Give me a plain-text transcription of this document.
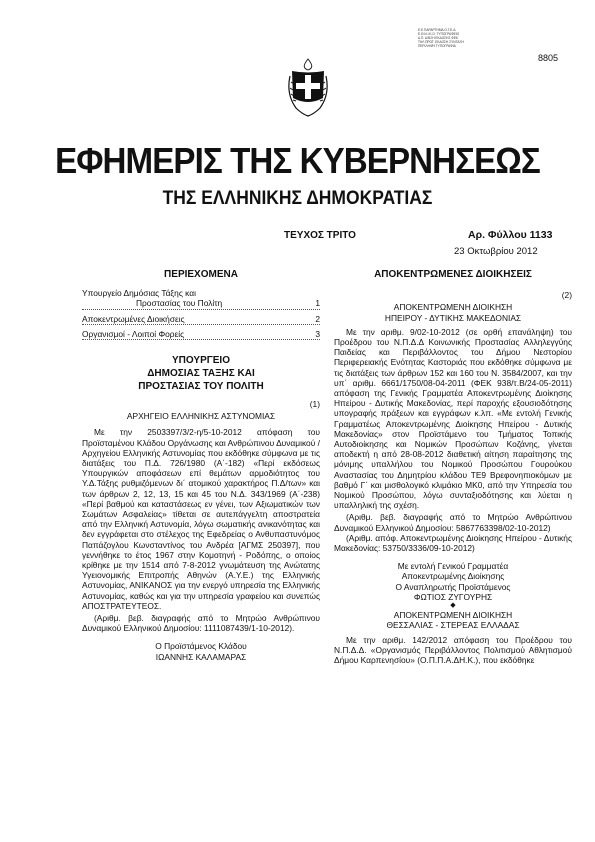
Ε.Ε.ΠΑΡΑΡΤΗΜΑ Ο.Τ.Ε.Α. Ε.Θ.Ν.Ι.Κ.Ο. ΤΥΠΟΓΡΑΦΕΙΟ Δ.Π. Δ/ΝΣΗ ΕΚΔΟΣΗΣ ΦΕΚ ΤΗΛ ΠΡΩΤ. ΕΚΔΟΣΗ ΣΥΝΤΑΞΗ ΠΕΡΙΛΗΨΗ ΤΥΠΟΓΡΑΦΙΑ
8805
ΕΦΗΜΕΡΙΣ ΤΗΣ ΚΥΒΕΡΝΗΣΕΩΣ
ΤΗΣ ΕΛΛΗΝΙΚΗΣ ΔΗΜΟΚΡΑΤΙΑΣ
ΤΕΥΧΟΣ ΤΡΙΤΟ	Αρ. Φύλλου 1133
23 Οκτωβρίου 2012
ΠΕΡΙΕΧΟΜΕΝΑ
Υπουργείο Δημόσιας Τάξης και
Προστασίας του Πολίτη	1
Αποκεντρωμένες Διοικήσεις	2
Οργανισμοί - Λοιποί Φορείς	3
ΥΠΟΥΡΓΕΙΟ
ΔΗΜΟΣΙΑΣ ΤΑΞΗΣ ΚΑΙ
ΠΡΟΣΤΑΣΙΑΣ ΤΟΥ ΠΟΛΙΤΗ
(1)
ΑΡΧΗΓΕΙΟ ΕΛΛΗΝΙΚΗΣ ΑΣΤΥΝΟΜΙΑΣ

Με την 2503397/3/2-η/5-10-2012 απόφαση του Προϊσταμένου Κλάδου Οργάνωσης και Ανθρώπινου Δυναμικού / Αρχηγείου Ελληνικής Αστυνομίας που εκδόθηκε σύμφωνα με τις διατάξεις του Π.Δ. 726/1980 (Α΄-182) «Περί εκδόσεως Υπουργικών αποφάσεων επί θεμάτων αρμοδιότητος του Υ.Δ.Τάξης ρυθμιζόμενων δι΄ ατομικού χαρακτήρος Π.Δ/των» και των άρθρων 2, 12, 13, 15 και 45 του Ν.Δ. 343/1969 (Α΄-238) «Περί βαθμού και καταστάσεως εν γένει, των Αξιωματικών των Σωμάτων Ασφαλείας» τίθεται σε αυτεπάγγελτη αποστρατεία από την Ελληνική Αστυνομία, λόγω σωματικής ανικανότητας και δεν εγγράφεται στο στέλεχος της Εφεδρείας ο Ανθυπαστυνόμος Παπάζογλου Κωνσταντίνος του Ανδρέα [ΑΓΜΣ 250397], που γεννήθηκε το έτος 1967 στην Κομοτηνή - Ροδόπης, ο οποίος κρίθηκε με την 1514 από 7-8-2012 γνωμάτευση της Ανώτατης Υγειονομικής Επιτροπής Αθηνών (Α.Υ.Ε.) της Ελληνικής Αστυνομίας, ΑΝΙΚΑΝΟΣ για την ενεργό υπηρεσία της Ελληνικής Αστυνομίας, καθώς και για την υπηρεσία γραφείου και συνεπώς ΑΠΟΣΤΡΑΤΕΥΤΕΟΣ.

(Αριθμ. βεβ. διαγραφής από το Μητρώο Ανθρώπινου Δυναμικού Ελληνικού Δημοσίου: 1111087439/1-10-2012).

Ο Προϊστάμενος Κλάδου
ΙΩΑΝΝΗΣ ΚΑΛΑΜΑΡΑΣ
ΑΠΟΚΕΝΤΡΩΜΕΝΕΣ ΔΙΟΙΚΗΣΕΙΣ
(2)
ΑΠΟΚΕΝΤΡΩΜΕΝΗ ΔΙΟΙΚΗΣΗ
ΗΠΕΙΡΟΥ - ΔΥΤΙΚΗΣ ΜΑΚΕΔΟΝΙΑΣ

Με την αριθμ. 9/02-10-2012 (σε ορθή επανάληψη) του Προέδρου του Ν.Π.Δ.Δ Κοινωνικής Προστασίας Αλληλεγγύης Παιδείας και Περιβάλλοντος του Δήμου Νεστορίου Περιφερειακής Ενότητας Καστοριάς που εκδόθηκε σύμφωνα με τις διατάξεις των άρθρων 152 και 160 του Ν. 3584/2007, και την υπ΄ αριθμ. 6661/1750/08-04-2011 (ΦΕΚ 938/τ.Β/24-05-2011) απόφαση της Γενικής Γραμματέα Αποκεντρωμένης Διοίκησης Ηπείρου - Δυτικής Μακεδονίας, περί παροχής εξουσιοδότησης υπογραφής πράξεων και εγγράφων κ.λπ. «Με εντολή Γενικής Γραμματέως Αποκεντρωμένης Διοίκησης Ηπείρου - Δυτικής Μακεδονίας» στον Προϊστάμενο του Τμήματος Τοπικής Αυτοδιοίκησης και Νομικών Προσώπων Κοζάνης, γίνεται αποδεκτή η από 28-08-2012 διαθετική αίτηση παραίτησης της μόνιμης υπαλλήλου του Νομικού Προσώπου Γουρούκου Αναστασίας του Δημητρίου κλάδου ΤΕ9 Βρεφονηπιοκόμων με βαθμό Γ΄ και μισθολογικό κλιμάκιο ΜΚ0, από την Υπηρεσία του Νομικού Προσώπου, λόγω συνταξιοδότησης και λύεται η υπαλληλική της σχέση.

(Αριθμ. βεβ. διαγραφής από το Μητρώο Ανθρώπινου Δυναμικού Ελληνικού Δημοσίου: 5867763398/02-10-2012)

(Αριθμ. απόφ. Αποκεντρωμένης Διοίκησης Ηπείρου - Δυτικής Μακεδονίας: 53750/3336/09-10-2012)

Με εντολή Γενικού Γραμματέα
Αποκεντρωμένης Διοίκησης
Ο Αναπληρωτής Προϊστάμενος
ΦΩΤΙΟΣ ΖΥΓΟΥΡΗΣ
◆
ΑΠΟΚΕΝΤΡΩΜΕΝΗ ΔΙΟΙΚΗΣΗ
ΘΕΣΣΑΛΙΑΣ - ΣΤΕΡΕΑΣ ΕΛΛΑΔΑΣ

Με την αριθμ. 142/2012 απόφαση του Προέδρου του Ν.Π.Δ.Δ. «Οργανισμός Περιβάλλοντος Πολιτισμού Αθλητισμού Δήμου Καρπενησίου» (Ο.Π.Π.Α.ΔΗ.Κ.), που εκδόθηκε
